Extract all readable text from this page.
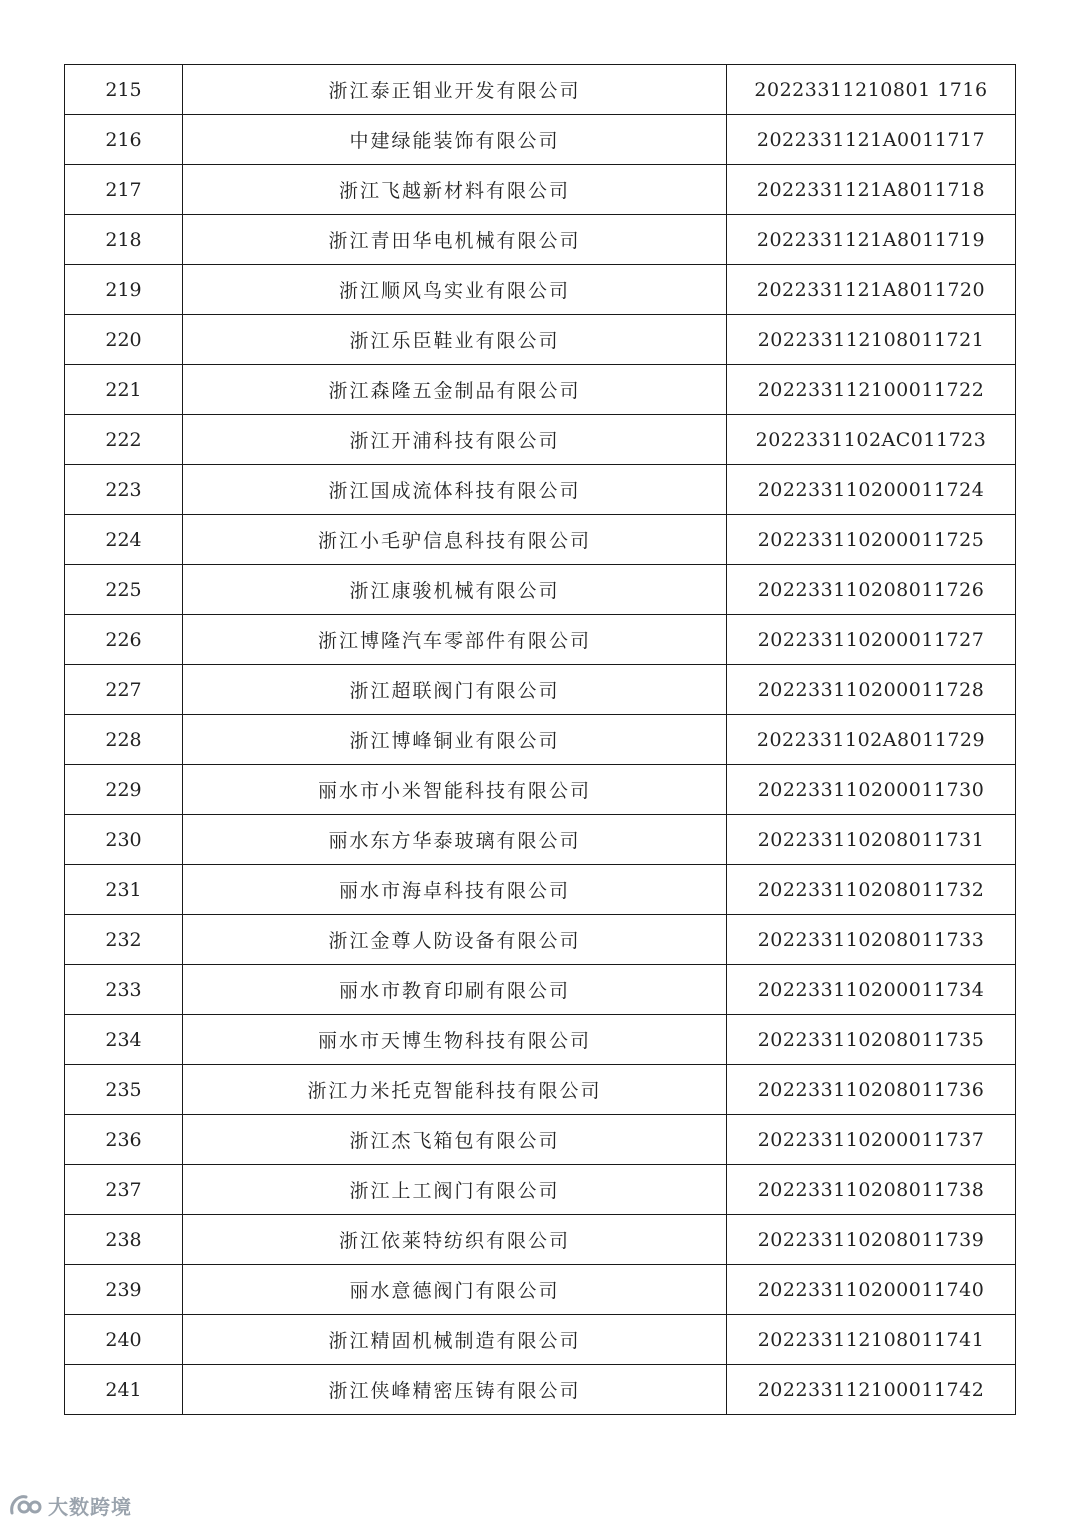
215	浙江泰正钼业开发有限公司	20223311210801 1716
216	中建绿能装饰有限公司	2022331121A0011717
217	浙江飞越新材料有限公司	2022331121A8011718
218	浙江青田华电机械有限公司	2022331121A8011719
219	浙江顺风鸟实业有限公司	2022331121A8011720
220	浙江乐臣鞋业有限公司	202233112108011721
221	浙江森隆五金制品有限公司	202233112100011722
222	浙江开浦科技有限公司	2022331102AC011723
223	浙江国成流体科技有限公司	202233110200011724
224	浙江小毛驴信息科技有限公司	202233110200011725
225	浙江康骏机械有限公司	202233110208011726
226	浙江博隆汽车零部件有限公司	202233110200011727
227	浙江超联阀门有限公司	202233110200011728
228	浙江博峰铜业有限公司	2022331102A8011729
229	丽水市小米智能科技有限公司	202233110200011730
230	丽水东方华泰玻璃有限公司	202233110208011731
231	丽水市海卓科技有限公司	202233110208011732
232	浙江金尊人防设备有限公司	202233110208011733
233	丽水市教育印刷有限公司	202233110200011734
234	丽水市天博生物科技有限公司	202233110208011735
235	浙江力米托克智能科技有限公司	202233110208011736
236	浙江杰飞箱包有限公司	202233110200011737
237	浙江上工阀门有限公司	202233110208011738
238	浙江依莱特纺织有限公司	202233110208011739
239	丽水意德阀门有限公司	202233110200011740
240	浙江精固机械制造有限公司	202233112108011741
241	浙江侠峰精密压铸有限公司	202233112100011742
大数跨境
